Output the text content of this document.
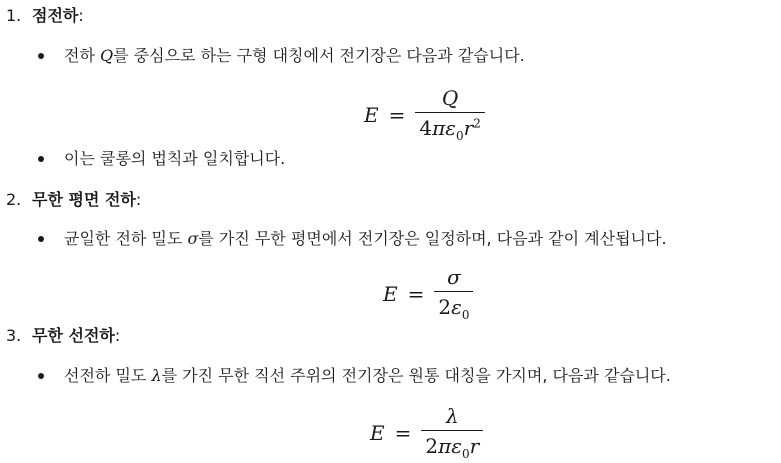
1. 점전하:
전하 Q를 중심으로 하는 구형 대칭에서 전기장은 다음과 같습니다.
$E = \frac{Q}{4\pi\varepsilon_0r^2}$
이는 쿨롱의 법칙과 일치합니다.
2. 무한 평면 전하:
균일한 전하 밀도 σ를 가진 무한 평면에서 전기장은 일정하며, 다음과 같이 계산됩니다.
$E = \frac{\sigma}{2\varepsilon_0}$
3. 무한 선전하:
선전하 밀도 λ를 가진 무한 직선 주위의 전기장은 원통 대칭을 가지며, 다음과 같습니다.
$E = \frac{\lambda}{2\pi\varepsilon_0r}$
